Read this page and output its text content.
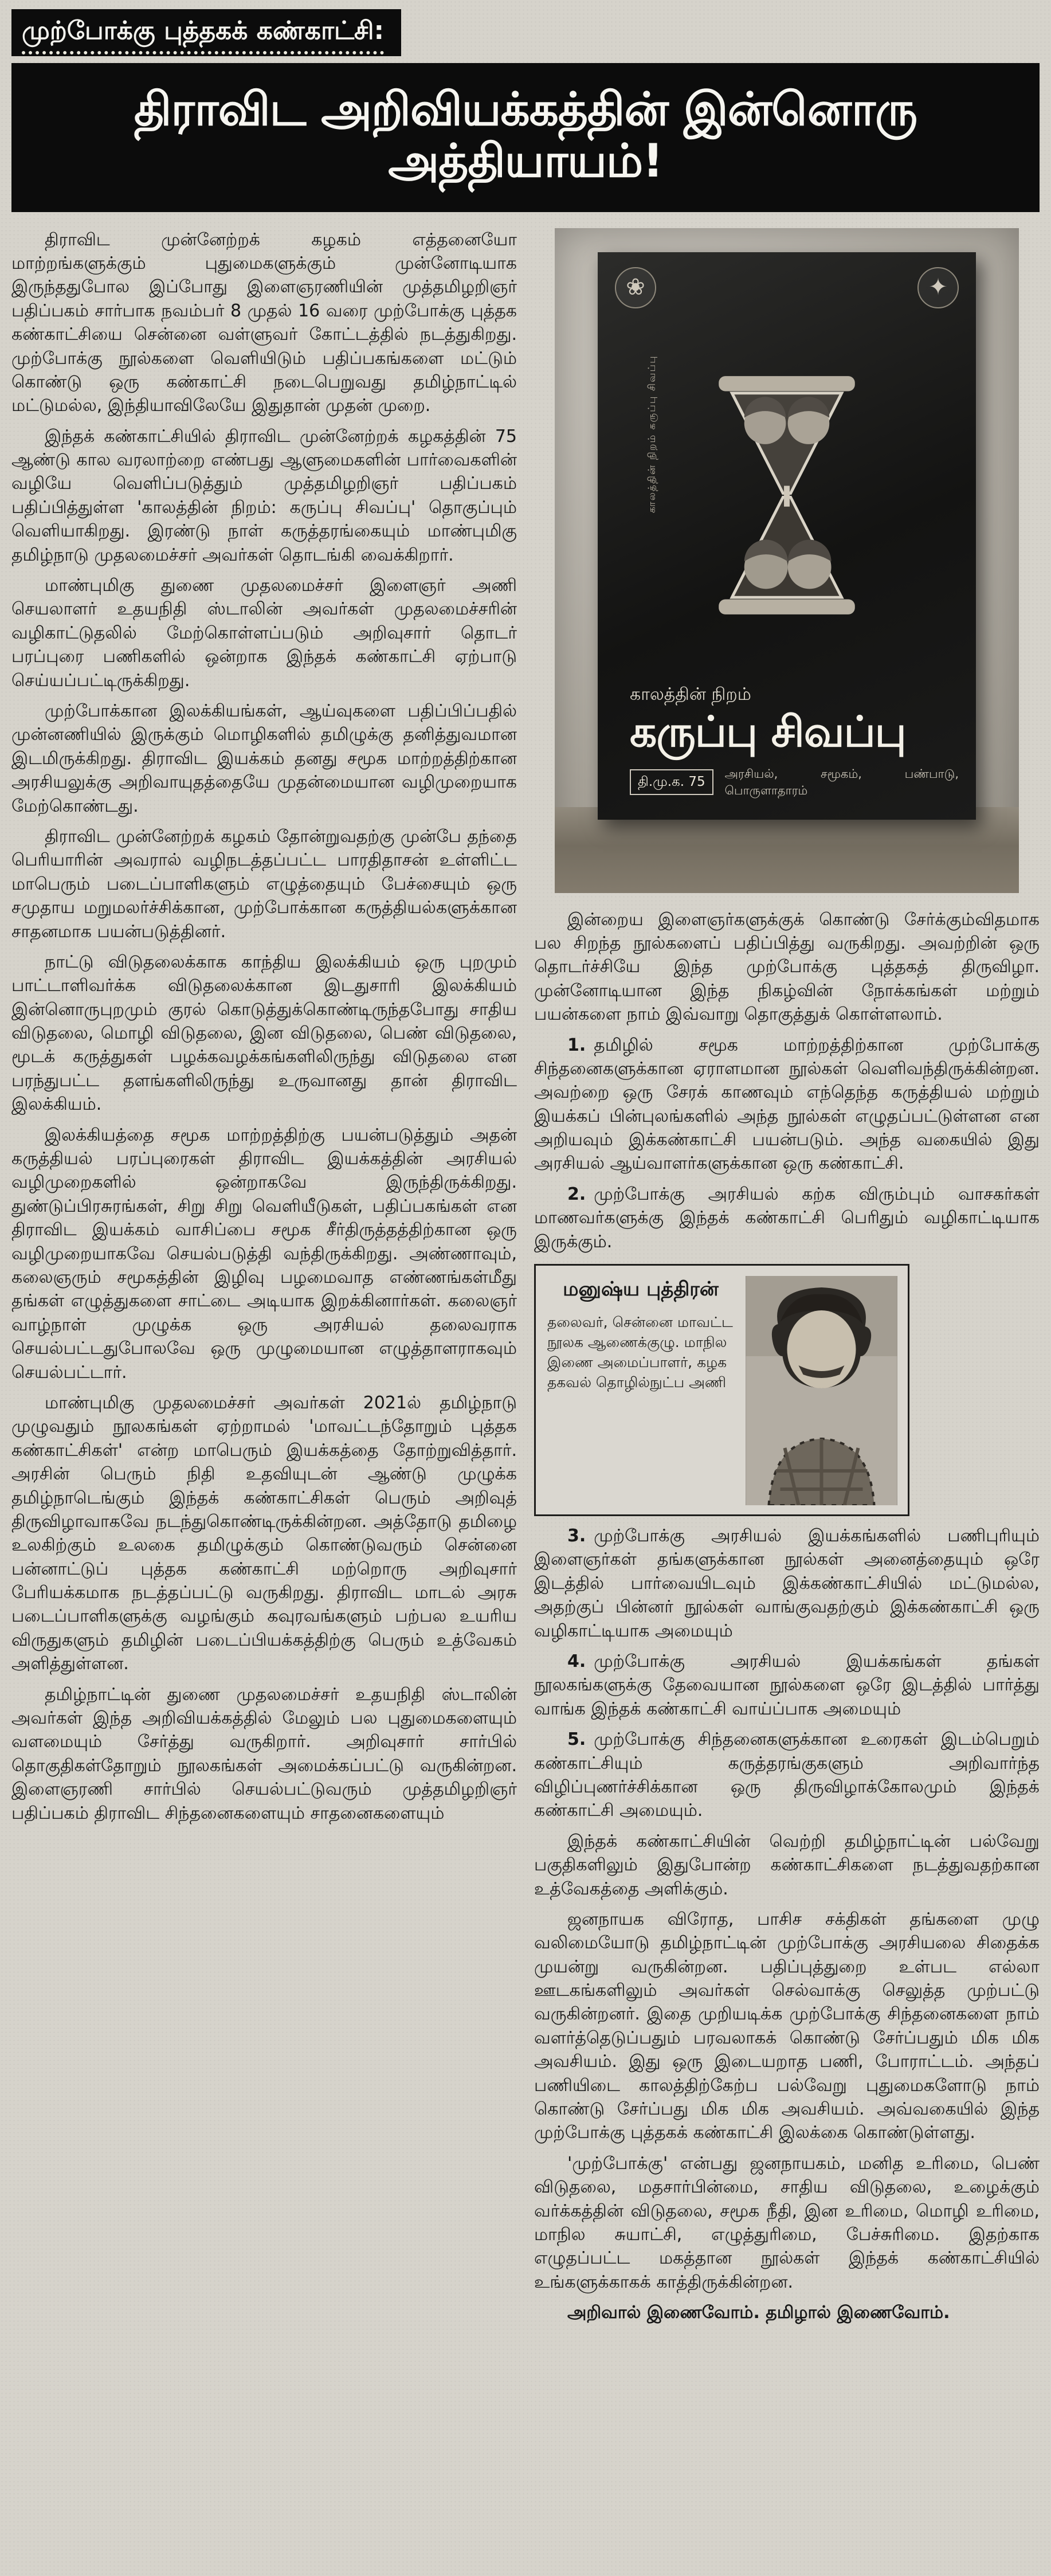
முற்போக்கு புத்தகக் கண்காட்சி:
திராவிட அறிவியக்கத்தின் இன்னொரு அத்தியாயம்!

திராவிட முன்னேற்றக் கழகம் எத்தனையோ மாற்றங்களுக்கும் புதுமைகளுக்கும் முன்னோடியாக இருந்ததுபோல இப்போது இளைஞரணியின் முத்தமிழறிஞர் பதிப்பகம் சார்பாக நவம்பர் 8 முதல் 16 வரை முற்போக்கு புத்தக கண்காட்சியை சென்னை வள்ளுவர் கோட்டத்தில் நடத்துகிறது. முற்போக்கு நூல்களை வெளியிடும் பதிப்பகங்களை மட்டும் கொண்டு ஒரு கண்காட்சி நடைபெறுவது தமிழ்நாட்டில் மட்டுமல்ல, இந்தியாவிலேயே இதுதான் முதன் முறை.

இந்தக் கண்காட்சியில் திராவிட முன்னேற்றக் கழகத்தின் 75 ஆண்டு கால வரலாற்றை எண்பது ஆளுமைகளின் பார்வைகளின் வழியே வெளிப்படுத்தும் முத்தமிழறிஞர் பதிப்பகம் பதிப்பித்துள்ள 'காலத்தின் நிறம்: கருப்பு சிவப்பு' தொகுப்பும் வெளியாகிறது. இரண்டு நாள் கருத்தரங்கையும் மாண்புமிகு தமிழ்நாடு முதலமைச்சர் அவர்கள் தொடங்கி வைக்கிறார்.

மாண்புமிகு துணை முதலமைச்சர் இளைஞர் அணி செயலாளர் உதயநிதி ஸ்டாலின் அவர்கள் முதலமைச்சரின் வழிகாட்டுதலில் மேற்கொள்ளப்படும் அறிவுசார் தொடர் பரப்புரை பணிகளில் ஒன்றாக இந்தக் கண்காட்சி ஏற்பாடு செய்யப்பட்டிருக்கிறது.

முற்போக்கான இலக்கியங்கள், ஆய்வுகளை பதிப்பிப்பதில் முன்னணியில் இருக்கும் மொழிகளில் தமிழுக்கு தனித்துவமான இடமிருக்கிறது. திராவிட இயக்கம் தனது சமூக மாற்றத்திற்கான அரசியலுக்கு அறிவாயுதத்தையே முதன்மையான வழிமுறையாக மேற்கொண்டது.

திராவிட முன்னேற்றக் கழகம் தோன்றுவதற்கு முன்பே தந்தை பெரியாரின் அவரால் வழிநடத்தப்பட்ட பாரதிதாசன் உள்ளிட்ட மாபெரும் படைப்பாளிகளும் எழுத்தையும் பேச்சையும் ஒரு சமுதாய மறுமலர்ச்சிக்கான, முற்போக்கான கருத்தியல்களுக்கான சாதனமாக பயன்படுத்தினர்.

நாட்டு விடுதலைக்காக காந்திய இலக்கியம் ஒரு புறமும் பாட்டாளிவர்க்க விடுதலைக்கான இடதுசாரி இலக்கியம் இன்னொருபுறமும் குரல் கொடுத்துக்கொண்டிருந்தபோது சாதிய விடுதலை, மொழி விடுதலை, இன விடுதலை, பெண் விடுதலை, மூடக் கருத்துகள் பழக்கவழக்கங்களிலிருந்து விடுதலை என பரந்துபட்ட தளங்களிலிருந்து உருவானது தான் திராவிட இலக்கியம்.

இலக்கியத்தை சமூக மாற்றத்திற்கு பயன்படுத்தும் அதன் கருத்தியல் பரப்புரைகள் திராவிட இயக்கத்தின் அரசியல் வழிமுறைகளில் ஒன்றாகவே இருந்திருக்கிறது. துண்டுப்பிரசுரங்கள், சிறு சிறு வெளியீடுகள், பதிப்பகங்கள் என திராவிட இயக்கம் வாசிப்பை சமூக சீர்திருத்தத்திற்கான ஒரு வழிமுறையாகவே செயல்படுத்தி வந்திருக்கிறது. அண்ணாவும், கலைஞரும் சமூகத்தின் இழிவு பழமைவாத எண்ணங்கள்மீது தங்கள் எழுத்துகளை சாட்டை அடியாக இறக்கினார்கள். கலைஞர் வாழ்நாள் முழுக்க ஒரு அரசியல் தலைவராக செயல்பட்டதுபோலவே ஒரு முழுமையான எழுத்தாளராகவும் செயல்பட்டார்.

மாண்புமிகு முதலமைச்சர் அவர்கள் 2021ல் தமிழ்நாடு முழுவதும் நூலகங்கள் ஏற்றாமல் 'மாவட்டந்தோறும் புத்தக கண்காட்சிகள்' என்ற மாபெரும் இயக்கத்தை தோற்றுவித்தார். அரசின் பெரும் நிதி உதவியுடன் ஆண்டு முழுக்க தமிழ்நாடெங்கும் இந்தக் கண்காட்சிகள் பெரும் அறிவுத் திருவிழாவாகவே நடந்துகொண்டிருக்கின்றன. அத்தோடு தமிழை உலகிற்கும் உலகை தமிழுக்கும் கொண்டுவரும் சென்னை பன்னாட்டுப் புத்தக கண்காட்சி மற்றொரு அறிவுசார் பேரியக்கமாக நடத்தப்பட்டு வருகிறது. திராவிட மாடல் அரசு படைப்பாளிகளுக்கு வழங்கும் கவுரவங்களும் பற்பல உயரிய விருதுகளும் தமிழின் படைப்பியக்கத்திற்கு பெரும் உத்வேகம் அளித்துள்ளன.

தமிழ்நாட்டின் துணை முதலமைச்சர் உதயநிதி ஸ்டாலின் அவர்கள் இந்த அறிவியக்கத்தில் மேலும் பல புதுமைகளையும் வளமையும் சேர்த்து வருகிறார். அறிவுசார் சார்பில் தொகுதிகள்தோறும் நூலகங்கள் அமைக்கப்பட்டு வருகின்றன. இளைஞரணி சார்பில் செயல்பட்டுவரும் முத்தமிழறிஞர் பதிப்பகம் திராவிட சிந்தனைகளையும் சாதனைகளையும்

❀	✦
காலத்தின் நிறம் கருப்பு சிவப்பு
காலத்தின் நிறம்
கருப்பு சிவப்பு
தி.மு.க. 75
அரசியல், சமூகம், பண்பாடு, பொருளாதாரம்

இன்றைய இளைஞர்களுக்குக் கொண்டு சேர்க்கும்விதமாக பல சிறந்த நூல்களைப் பதிப்பித்து வருகிறது. அவற்றின் ஒரு தொடர்ச்சியே இந்த முற்போக்கு புத்தகத் திருவிழா. முன்னோடியான இந்த நிகழ்வின் நோக்கங்கள் மற்றும் பயன்களை நாம் இவ்வாறு தொகுத்துக் கொள்ளலாம்.

1. தமிழில் சமூக மாற்றத்திற்கான முற்போக்கு சிந்தனைகளுக்கான ஏராளமான நூல்கள் வெளிவந்திருக்கின்றன. அவற்றை ஒரு சேரக் காணவும் எந்தெந்த கருத்தியல் மற்றும் இயக்கப் பின்புலங்களில் அந்த நூல்கள் எழுதப்பட்டுள்ளன என அறியவும் இக்கண்காட்சி பயன்படும். அந்த வகையில் இது அரசியல் ஆய்வாளர்களுக்கான ஒரு கண்காட்சி.

2. முற்போக்கு அரசியல் கற்க விரும்பும் வாசகர்கள் மாணவர்களுக்கு இந்தக் கண்காட்சி பெரிதும் வழிகாட்டியாக இருக்கும்.

மனுஷ்ய புத்திரன்
தலைவர், சென்னை மாவட்ட நூலக ஆணைக்குழு. மாநில இணை அமைப்பாளர், கழக தகவல் தொழில்நுட்ப அணி

3. முற்போக்கு அரசியல் இயக்கங்களில் பணிபுரியும் இளைஞர்கள் தங்களுக்கான நூல்கள் அனைத்தையும் ஒரே இடத்தில் பார்வையிடவும் இக்கண்காட்சியில் மட்டுமல்ல, அதற்குப் பின்னர் நூல்கள் வாங்குவதற்கும் இக்கண்காட்சி ஒரு வழிகாட்டியாக அமையும்

4. முற்போக்கு அரசியல் இயக்கங்கள் தங்கள் நூலகங்களுக்கு தேவையான நூல்களை ஒரே இடத்தில் பார்த்து வாங்க இந்தக் கண்காட்சி வாய்ப்பாக அமையும்

5. முற்போக்கு சிந்தனைகளுக்கான உரைகள் இடம்பெறும் கண்காட்சியும் கருத்தரங்குகளும் அறிவார்ந்த விழிப்புணர்ச்சிக்கான ஒரு திருவிழாக்கோலமும் இந்தக் கண்காட்சி அமையும்.

இந்தக் கண்காட்சியின் வெற்றி தமிழ்நாட்டின் பல்வேறு பகுதிகளிலும் இதுபோன்ற கண்காட்சிகளை நடத்துவதற்கான உத்வேகத்தை அளிக்கும்.

ஜனநாயக விரோத, பாசிச சக்திகள் தங்களை முழு வலிமையோடு தமிழ்நாட்டின் முற்போக்கு அரசியலை சிதைக்க முயன்று வருகின்றன. பதிப்புத்துறை உள்பட எல்லா ஊடகங்களிலும் அவர்கள் செல்வாக்கு செலுத்த முற்பட்டு வருகின்றனர். இதை முறியடிக்க முற்போக்கு சிந்தனைகளை நாம் வளர்த்தெடுப்பதும் பரவலாகக் கொண்டு சேர்ப்பதும் மிக மிக அவசியம். இது ஒரு இடையறாத பணி, போராட்டம். அந்தப் பணியிடை காலத்திற்கேற்ப பல்வேறு புதுமைகளோடு நாம் கொண்டு சேர்ப்பது மிக மிக அவசியம். அவ்வகையில் இந்த முற்போக்கு புத்தகக் கண்காட்சி இலக்கை கொண்டுள்ளது.

'முற்போக்கு' என்பது ஜனநாயகம், மனித உரிமை, பெண் விடுதலை, மதசார்பின்மை, சாதிய விடுதலை, உழைக்கும் வர்க்கத்தின் விடுதலை, சமூக நீதி, இன உரிமை, மொழி உரிமை, மாநில சுயாட்சி, எழுத்துரிமை, பேச்சுரிமை. இதற்காக எழுதப்பட்ட மகத்தான நூல்கள் இந்தக் கண்காட்சியில் உங்களுக்காகக் காத்திருக்கின்றன.

அறிவால் இணைவோம். தமிழால் இணைவோம்.
